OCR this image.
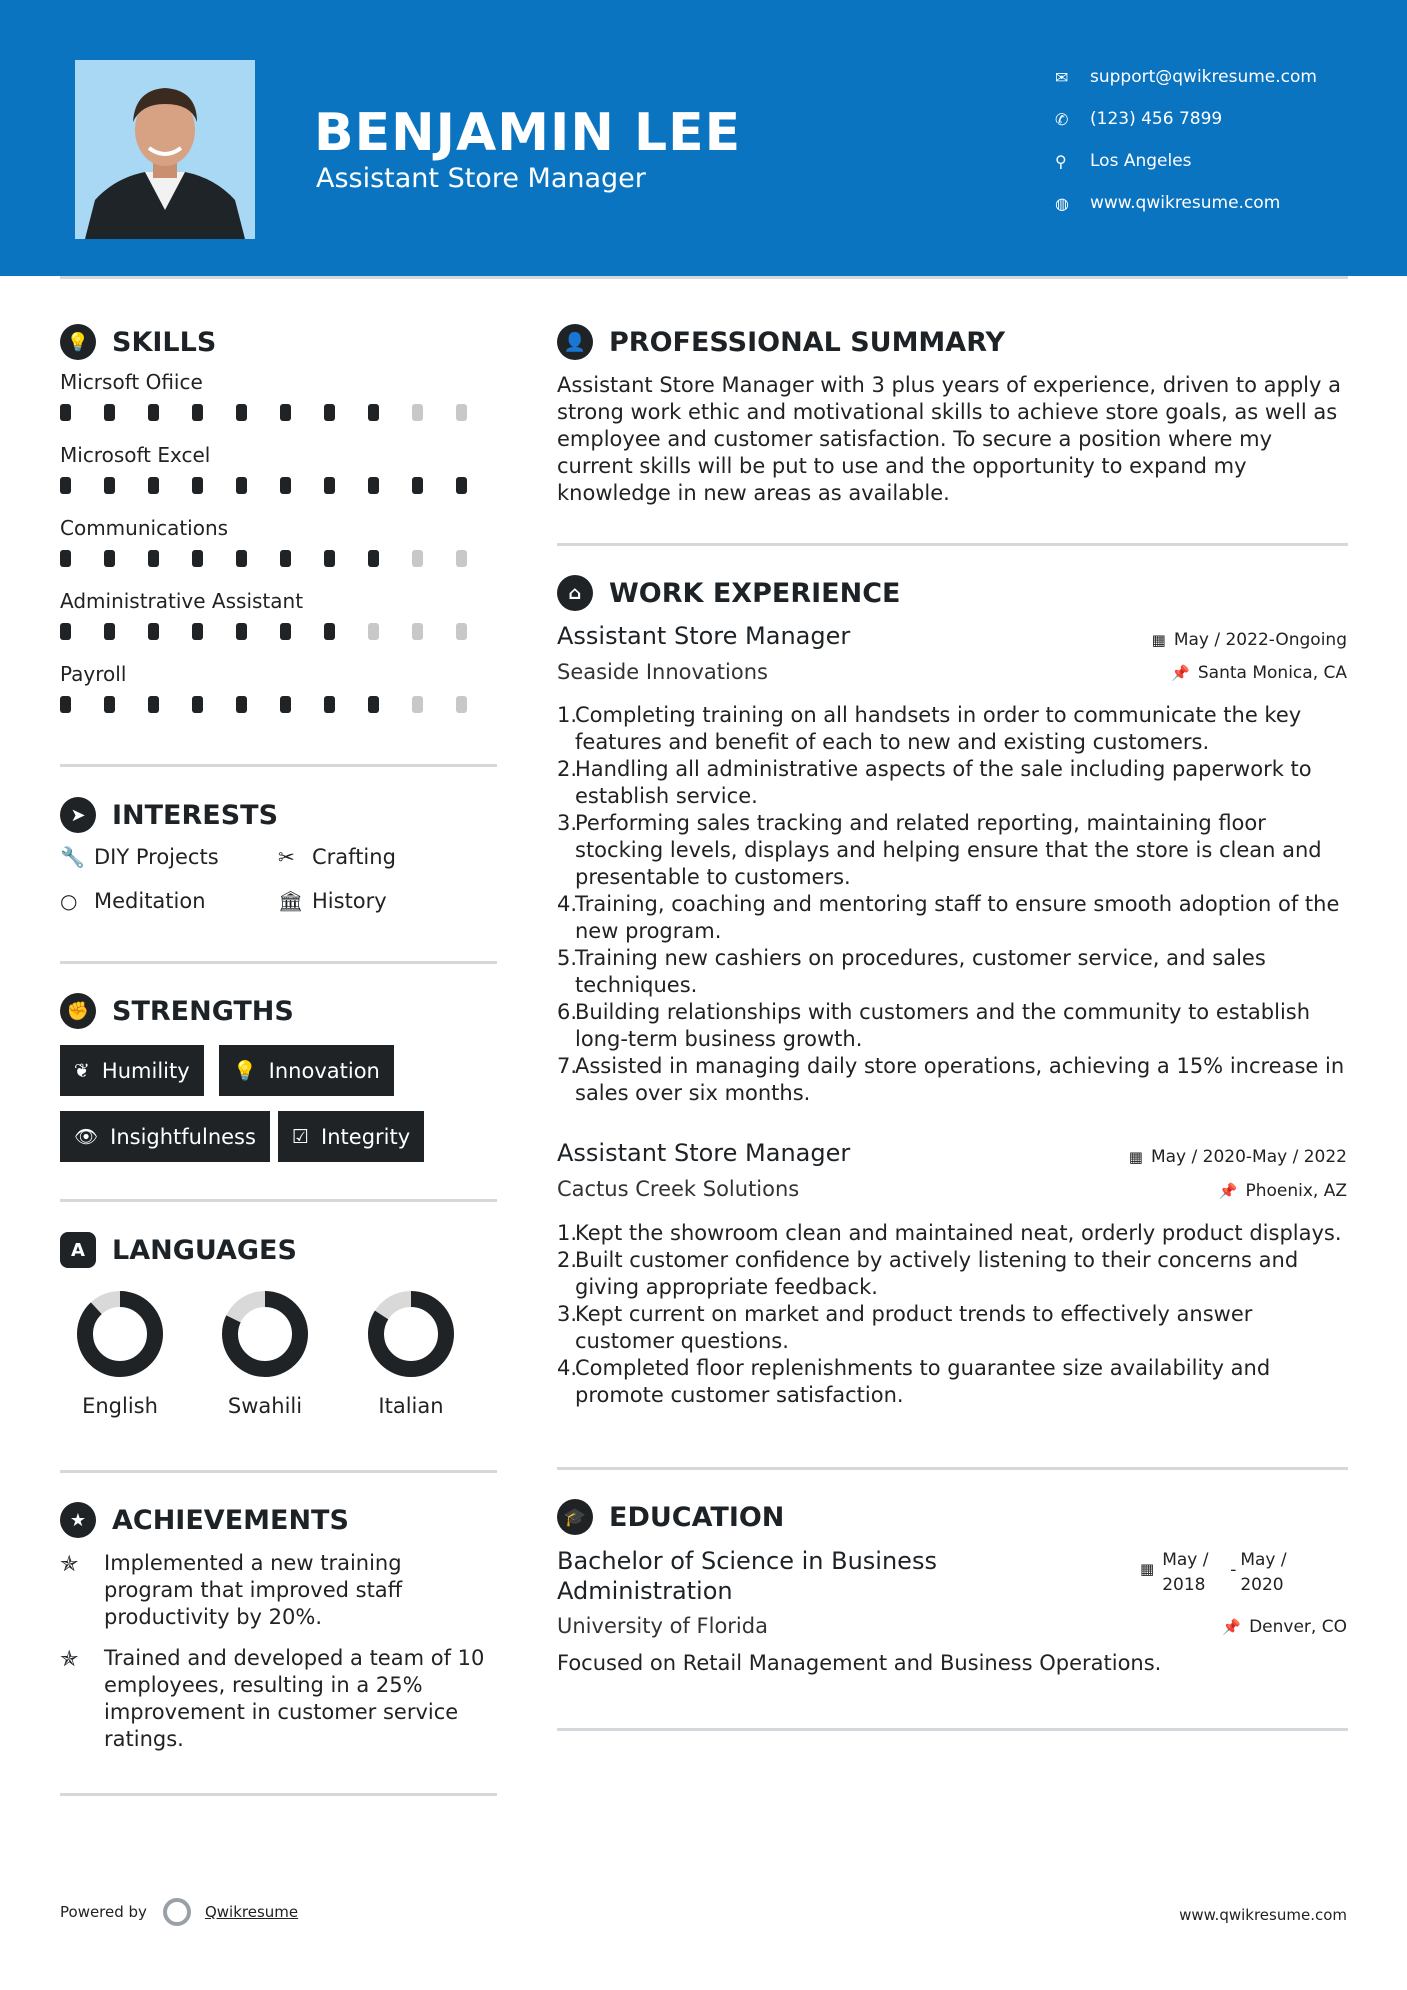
BENJAMIN LEE
Assistant Store Manager
✉	support@qwikresume.com
✆	(123) 456 7899
⚲	Los Angeles
◍	www.qwikresume.com
💡 SKILLS
Micrsoft Ofiice
Microsoft Excel
Communications
Administrative Assistant
Payroll
➤ INTERESTS
🔧 DIY Projects	✂ Crafting
○ Meditation	🏛 History
✊ STRENGTHS
❦ Humility 💡 Innovation
👁 Insightfulness ☑ Integrity
A	LANGUAGES
English	Swahili	Italian
★ ACHIEVEMENTS
✯	Implemented a new training program that improved staff productivity by 20%.
✯	Trained and developed a team of 10 employees, resulting in a 25% improvement in customer service ratings.
👤 PROFESSIONAL SUMMARY
Assistant Store Manager with 3 plus years of experience, driven to apply a strong work ethic and motivational skills to achieve store goals, as well as employee and customer satisfaction. To secure a position where my current skills will be put to use and the opportunity to expand my knowledge in new areas as available.
⌂	WORK EXPERIENCE
Assistant Store Manager	▦ May / 2022-Ongoing
Seaside Innovations	📌 Santa Monica, CA
1.
Completing training on all handsets in order to communicate the key features and benefit of each to new and existing customers.
2.
Handling all administrative aspects of the sale including paperwork to establish service.
3.
Performing sales tracking and related reporting, maintaining floor stocking levels, displays and helping ensure that the store is clean and presentable to customers.
4.
Training, coaching and mentoring staff to ensure smooth adoption of the new program.
5.
Training new cashiers on procedures, customer service, and sales techniques.
6.
Building relationships with customers and the community to establish long-term business growth.
7.
Assisted in managing daily store operations, achieving a 15% increase in sales over six months.
Assistant Store Manager	▦ May / 2020-May / 2022
Cactus Creek Solutions	📌 Phoenix, AZ
1.
Kept the showroom clean and maintained neat, orderly product displays.
2.
Built customer confidence by actively listening to their concerns and giving appropriate feedback.
3.
Kept current on market and product trends to effectively answer customer questions.
4.
Completed floor replenishments to guarantee size availability and promote customer satisfaction.
🎓 EDUCATION
Bachelor of Science in Business Administration
▦ May / 2018
- May / 2020
University of Florida	📌 Denver, CO
Focused on Retail Management and Business Operations.
Powered by	Qwikresume	www.qwikresume.com
